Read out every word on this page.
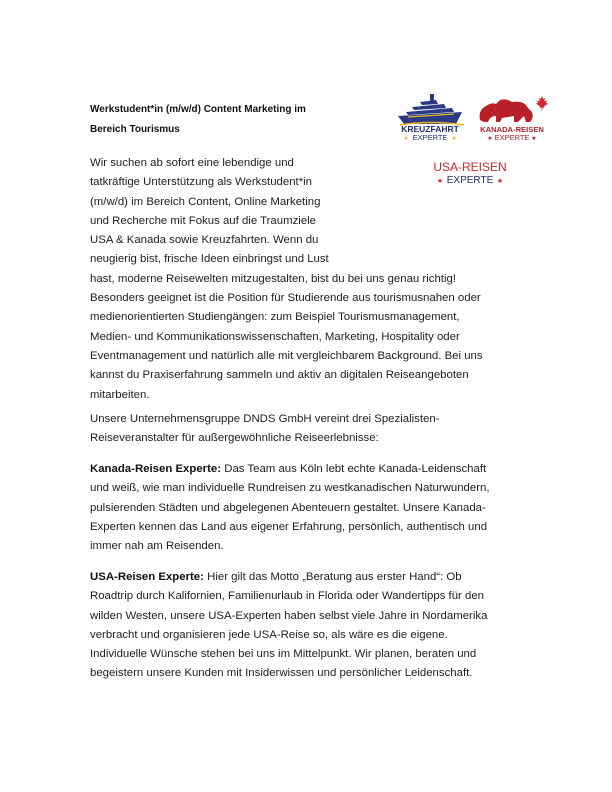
Werkstudent*in (m/w/d) Content Marketing im
Bereich Tourismus
Wir suchen ab sofort eine lebendige und
tatkräftige Unterstützung als Werkstudent*in
(m/w/d) im Bereich Content, Online Marketing
und Recherche mit Fokus auf die Traumziele
USA & Kanada sowie Kreuzfahrten. Wenn du
neugierig bist, frische Ideen einbringst und Lust
hast, moderne Reisewelten mitzugestalten, bist du bei uns genau richtig!
Besonders geeignet ist die Position für Studierende aus tourismusnahen oder
medienorientierten Studiengängen: zum Beispiel Tourismusmanagement,
Medien- und Kommunikationswissenschaften, Marketing, Hospitality oder
Eventmanagement und natürlich alle mit vergleichbarem Background. Bei uns
kannst du Praxiserfahrung sammeln und aktiv an digitalen Reiseangeboten
mitarbeiten.
Unsere Unternehmensgruppe DNDS GmbH vereint drei Spezialisten-
Reiseveranstalter für außergewöhnliche Reiseerlebnisse:
Kanada-Reisen Experte: Das Team aus Köln lebt echte Kanada-Leidenschaft
und weiß, wie man individuelle Rundreisen zu westkanadischen Naturwundern,
pulsierenden Städten und abgelegenen Abenteuern gestaltet. Unsere Kanada-
Experten kennen das Land aus eigener Erfahrung, persönlich, authentisch und
immer nah am Reisenden.
USA-Reisen Experte: Hier gilt das Motto „Beratung aus erster Hand“: Ob
Roadtrip durch Kalifornien, Familienurlaub in Florida oder Wandertipps für den
wilden Westen, unsere USA-Experten haben selbst viele Jahre in Nordamerika
verbracht und organisieren jede USA-Reise so, als wäre es die eigene.
Individuelle Wünsche stehen bei uns im Mittelpunkt. Wir planen, beraten und
begeistern unsere Kunden mit Insiderwissen und persönlicher Leidenschaft.
KREUZFAHRT
★ EXPERTE ★
KANADA-REISEN
★ EXPERTE ★
USA-REISEN
★ EXPERTE ★
